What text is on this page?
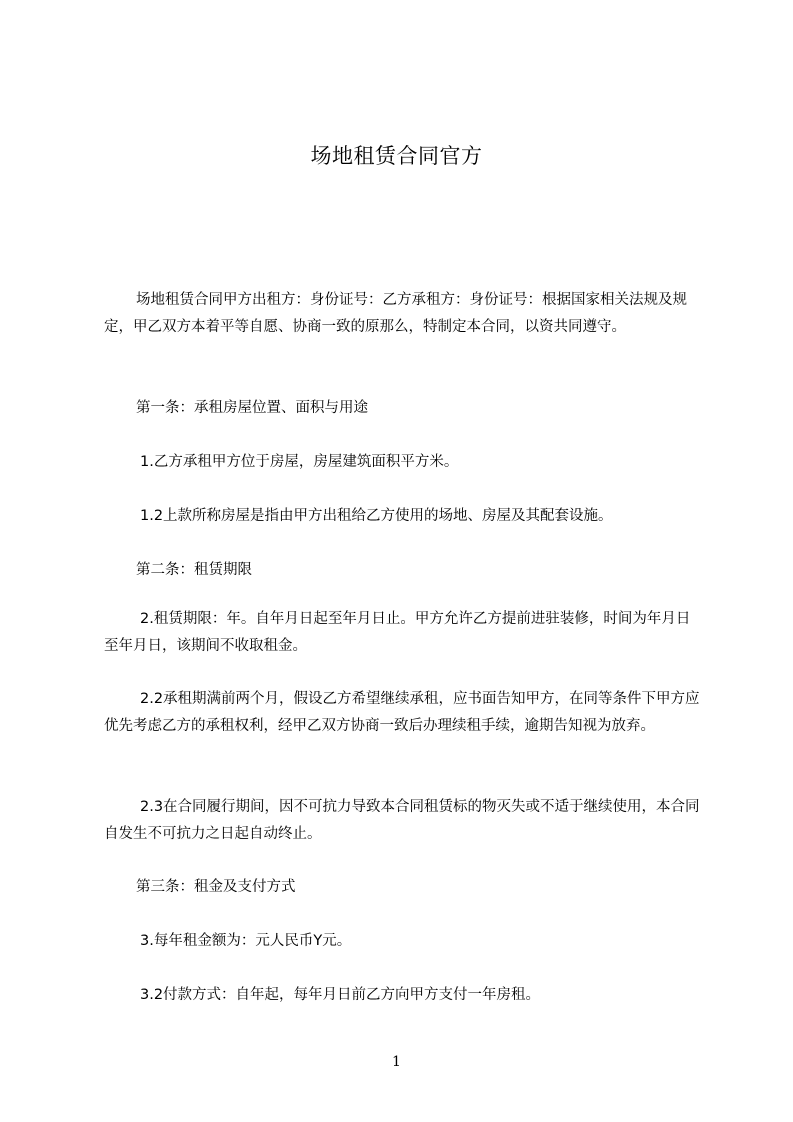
场地租赁合同官方

场地租赁合同甲方出租方：身份证号：乙方承租方：身份证号：根据国家相关法规及规定，甲乙双方本着平等自愿、协商一致的原那么，特制定本合同，以资共同遵守。

第一条：承租房屋位置、面积与用途

1.乙方承租甲方位于房屋，房屋建筑面积平方米。

1.2上款所称房屋是指由甲方出租给乙方使用的场地、房屋及其配套设施。

第二条：租赁期限

2.租赁期限：年。自年月日起至年月日止。甲方允许乙方提前进驻装修，时间为年月日至年月日，该期间不收取租金。

2.2承租期满前两个月，假设乙方希望继续承租，应书面告知甲方，在同等条件下甲方应优先考虑乙方的承租权利，经甲乙双方协商一致后办理续租手续，逾期告知视为放弃。

2.3在合同履行期间，因不可抗力导致本合同租赁标的物灭失或不适于继续使用，本合同自发生不可抗力之日起自动终止。

第三条：租金及支付方式

3.每年租金额为：元人民币Y元。

3.2付款方式：自年起，每年月日前乙方向甲方支付一年房租。

1
